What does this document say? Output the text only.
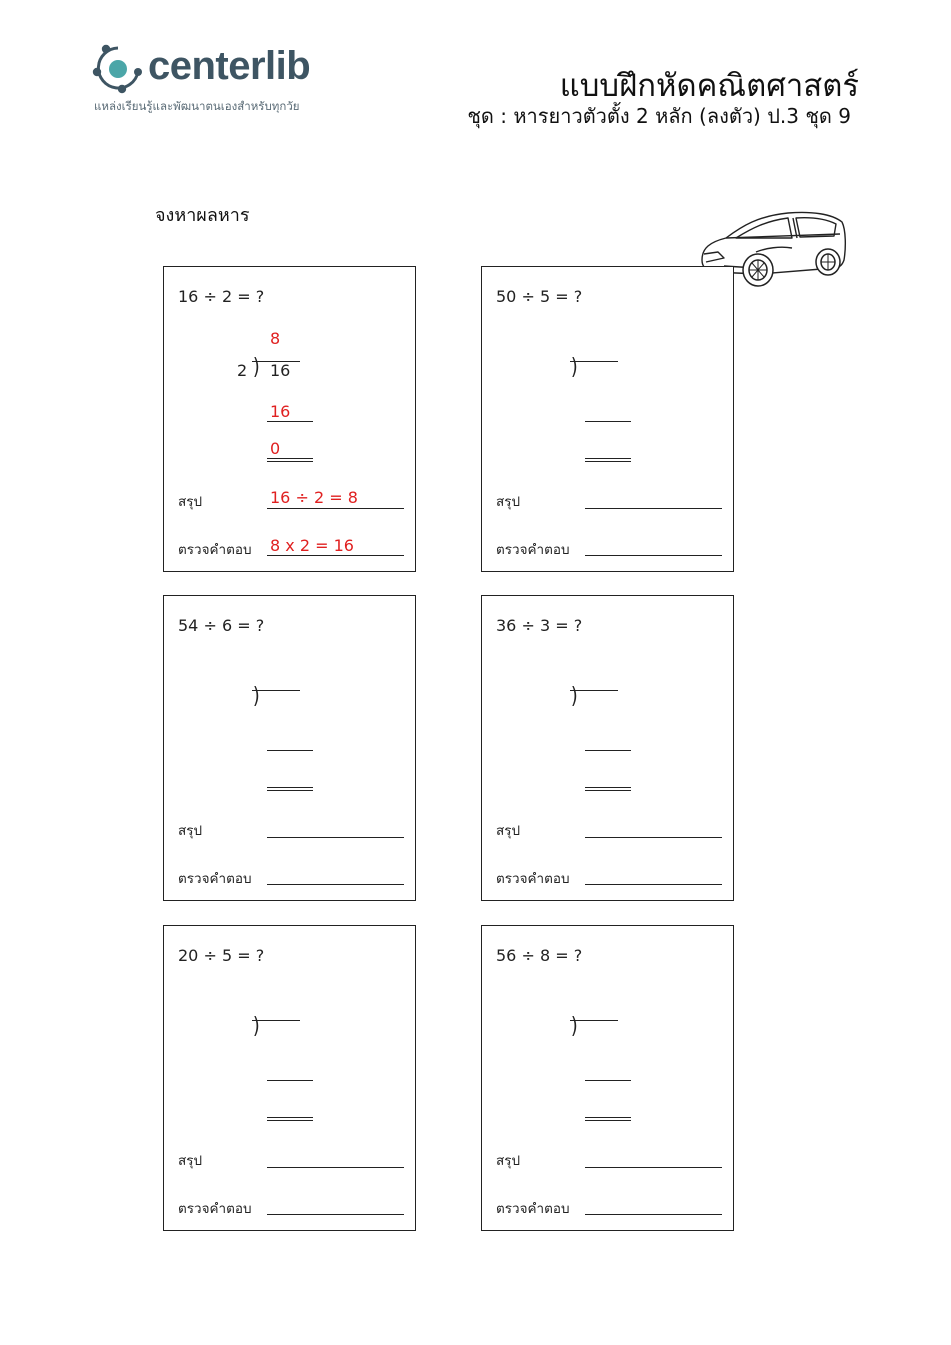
centerlib
แหล่งเรียนรู้และพัฒนาตนเองสำหรับทุกวัย
แบบฝึกหัดคณิตศาสตร์
ชุด : หารยาวตัวตั้ง 2 หลัก (ลงตัว) ป.3 ชุด 9
จงหาผลหาร
16 ÷ 2 = ?
8
2 ) 16
16
0
สรุป	16 ÷ 2 = 8
ตรวจคำตอบ 8 x 2 = 16
50 ÷ 5 = ?
)
สรุป
ตรวจคำตอบ
54 ÷ 6 = ?
)
สรุป
ตรวจคำตอบ
36 ÷ 3 = ?
)
สรุป
ตรวจคำตอบ
20 ÷ 5 = ?
)
สรุป
ตรวจคำตอบ
56 ÷ 8 = ?
)
สรุป
ตรวจคำตอบ
